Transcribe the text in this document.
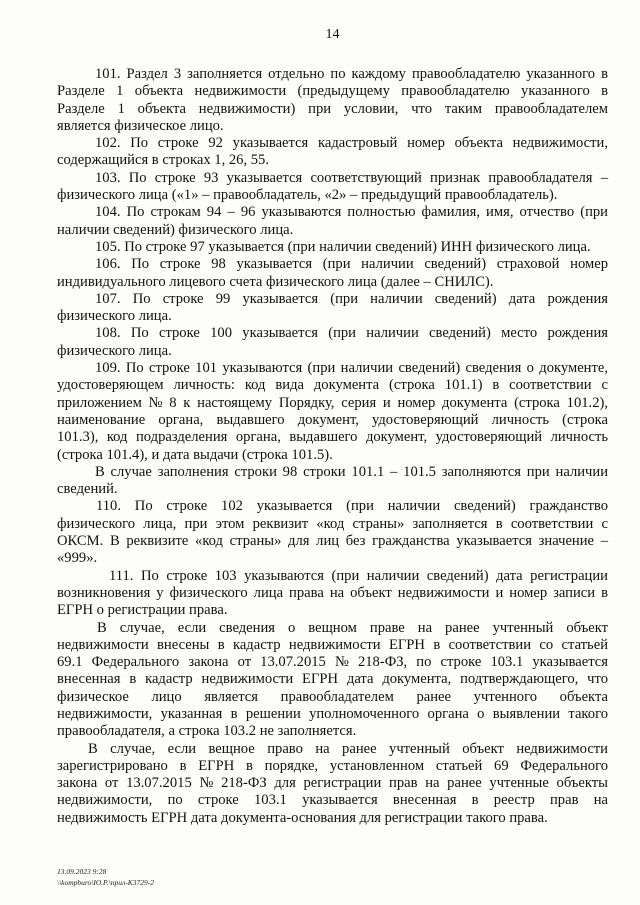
14
101. Раздел 3 заполняется отдельно по каждому правообладателю указанного в
Разделе 1 объекта недвижимости (предыдущему правообладателю указанного в
Разделе 1 объекта недвижимости) при условии, что таким правообладателем
является физическое лицо.
102. По строке 92 указывается кадастровый номер объекта недвижимости,
содержащийся в строках 1, 26, 55.
103. По строке 93 указывается соответствующий признак правообладателя –
физического лица («1» – правообладатель, «2» – предыдущий правообладатель).
104. По строкам 94 – 96 указываются полностью фамилия, имя, отчество (при
наличии сведений) физического лица.
105. По строке 97 указывается (при наличии сведений) ИНН физического лица.
106. По строке 98 указывается (при наличии сведений) страховой номер
индивидуального лицевого счета физического лица (далее – СНИЛС).
107. По строке 99 указывается (при наличии сведений) дата рождения
физического лица.
108. По строке 100 указывается (при наличии сведений) место рождения
физического лица.
109. По строке 101 указываются (при наличии сведений) сведения о документе,
удостоверяющем личность: код вида документа (строка 101.1) в соответствии с
приложением № 8 к настоящему Порядку, серия и номер документа (строка 101.2),
наименование органа, выдавшего документ, удостоверяющий личность (строка
101.3), код подразделения органа, выдавшего документ, удостоверяющий личность
(строка 101.4), и дата выдачи (строка 101.5).
В случае заполнения строки 98 строки 101.1 – 101.5 заполняются при наличии
сведений.
110. По строке 102 указывается (при наличии сведений) гражданство
физического лица, при этом реквизит «код страны» заполняется в соответствии с
ОКСМ. В реквизите «код страны» для лиц без гражданства указывается значение –
«999».
111. По строке 103 указываются (при наличии сведений) дата регистрации
возникновения у физического лица права на объект недвижимости и номер записи в
ЕГРН о регистрации права.
В случае, если сведения о вещном праве на ранее учтенный объект
недвижимости внесены в кадастр недвижимости ЕГРН в соответствии со статьей
69.1 Федерального закона от 13.07.2015 № 218-ФЗ, по строке 103.1 указывается
внесенная в кадастр недвижимости ЕГРН дата документа, подтверждающего, что
физическое лицо является правообладателем ранее учтенного объекта
недвижимости, указанная в решении уполномоченного органа о выявлении такого
правообладателя, а строка 103.2 не заполняется.
В случае, если вещное право на ранее учтенный объект недвижимости
зарегистрировано в ЕГРН в порядке, установленном статьей 69 Федерального
закона от 13.07.2015 № 218-ФЗ для регистрации прав на ранее учтенные объекты
недвижимости, по строке 103.1 указывается внесенная в реестр прав на
недвижимость ЕГРН дата документа-основания для регистрации такого права.
13.09.2023 9:28
\\kompburo\Ю.Р.\прил-К3729-2
